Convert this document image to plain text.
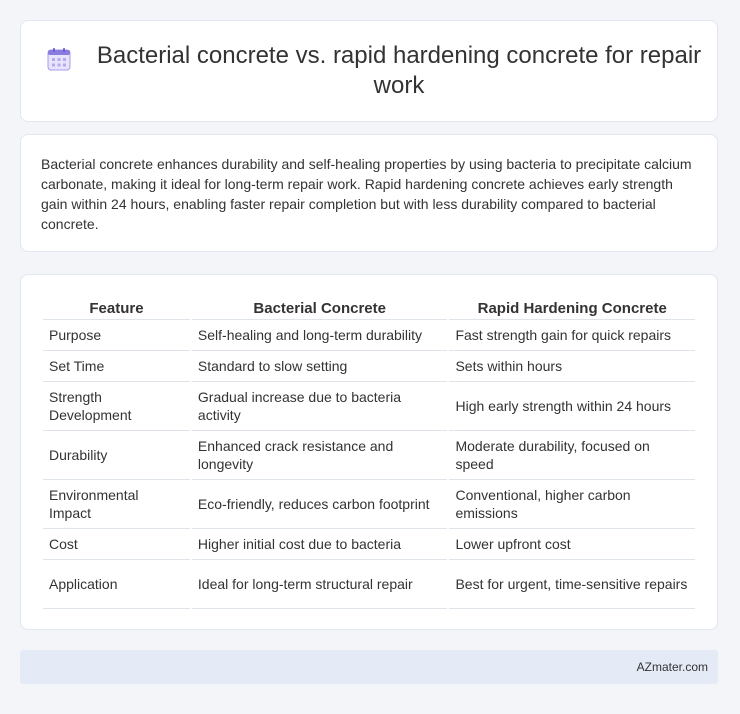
Bacterial concrete vs. rapid hardening concrete for repair work
Bacterial concrete enhances durability and self-healing properties by using bacteria to precipitate calcium carbonate, making it ideal for long-term repair work. Rapid hardening concrete achieves early strength gain within 24 hours, enabling faster repair completion but with less durability compared to bacterial concrete.
Feature	Bacterial Concrete	Rapid Hardening Concrete
Purpose	Self-healing and long-term durability	Fast strength gain for quick repairs
Set Time	Standard to slow setting	Sets within hours
Strength Development	Gradual increase due to bacteria activity	High early strength within 24 hours
Durability	Enhanced crack resistance and longevity	Moderate durability, focused on speed
Environmental Impact	Eco-friendly, reduces carbon footprint	Conventional, higher carbon emissions
Cost	Higher initial cost due to bacteria	Lower upfront cost
Application	Ideal for long-term structural repair	Best for urgent, time-sensitive repairs
AZmater.com
